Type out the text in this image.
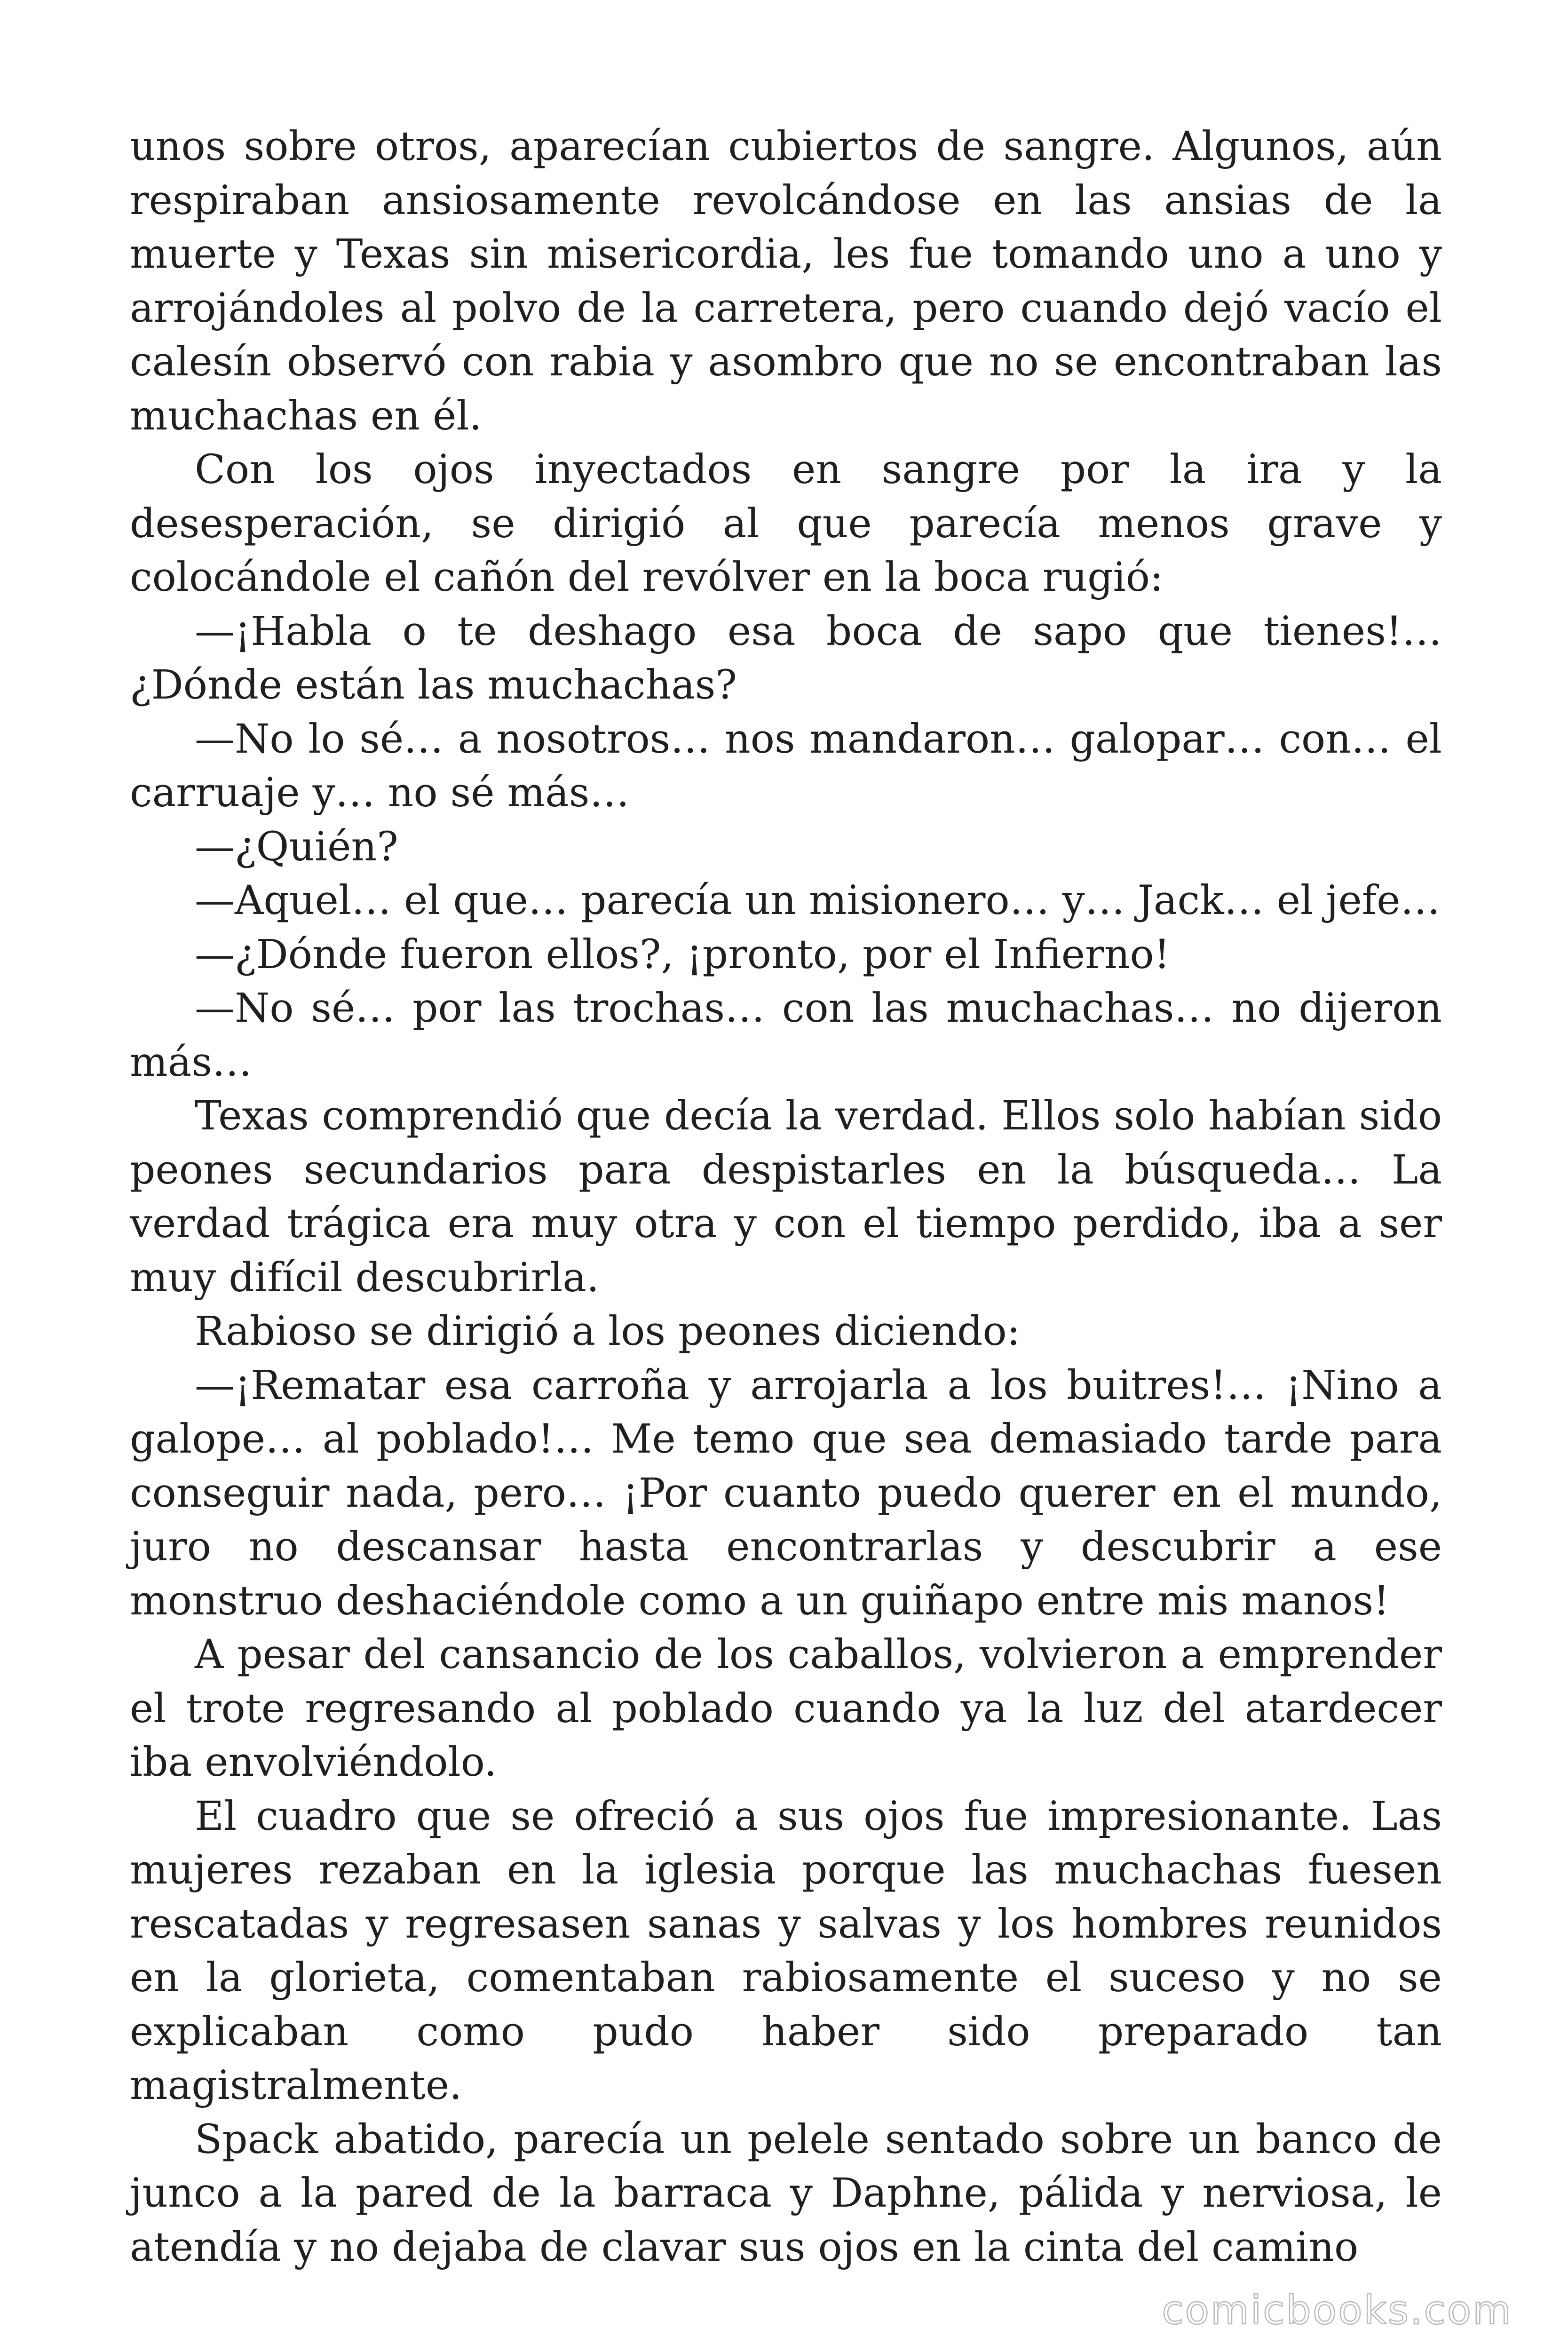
unos sobre otros, aparecían cubiertos de sangre. Algunos, aún respiraban ansiosamente revolcándose en las ansias de la muerte y Texas sin misericordia, les fue tomando uno a uno y arrojándoles al polvo de la carretera, pero cuando dejó vacío el calesín observó con rabia y asombro que no se encontraban las muchachas en él.

Con los ojos inyectados en sangre por la ira y la desesperación, se dirigió al que parecía menos grave y colocándole el cañón del revólver en la boca rugió:

—¡Habla o te deshago esa boca de sapo que tienes!… ¿Dónde están las muchachas?

—No lo sé… a nosotros… nos mandaron… galopar… con… el carruaje y… no sé más…

—¿Quién?

—Aquel… el que… parecía un misionero… y… Jack… el jefe…

—¿Dónde fueron ellos?, ¡pronto, por el Infierno!

—No sé… por las trochas… con las muchachas… no dijeron más…

Texas comprendió que decía la verdad. Ellos solo habían sido peones secundarios para despistarles en la búsqueda… La verdad trágica era muy otra y con el tiempo perdido, iba a ser muy difícil descubrirla.

Rabioso se dirigió a los peones diciendo:

—¡Rematar esa carroña y arrojarla a los buitres!… ¡Nino a galope… al poblado!… Me temo que sea demasiado tarde para conseguir nada, pero… ¡Por cuanto puedo querer en el mundo, juro no descansar hasta encontrarlas y descubrir a ese monstruo deshaciéndole como a un guiñapo entre mis manos!

A pesar del cansancio de los caballos, volvieron a emprender el trote regresando al poblado cuando ya la luz del atardecer iba envolviéndolo.

El cuadro que se ofreció a sus ojos fue impresionante. Las mujeres rezaban en la iglesia porque las muchachas fuesen rescatadas y regresasen sanas y salvas y los hombres reunidos en la glorieta, comentaban rabiosamente el suceso y no se explicaban como pudo haber sido preparado tan magistralmente.

Spack abatido, parecía un pelele sentado sobre un banco de junco a la pared de la barraca y Daphne, pálida y nerviosa, le atendía y no dejaba de clavar sus ojos en la cinta del camino

comicbooks.com
